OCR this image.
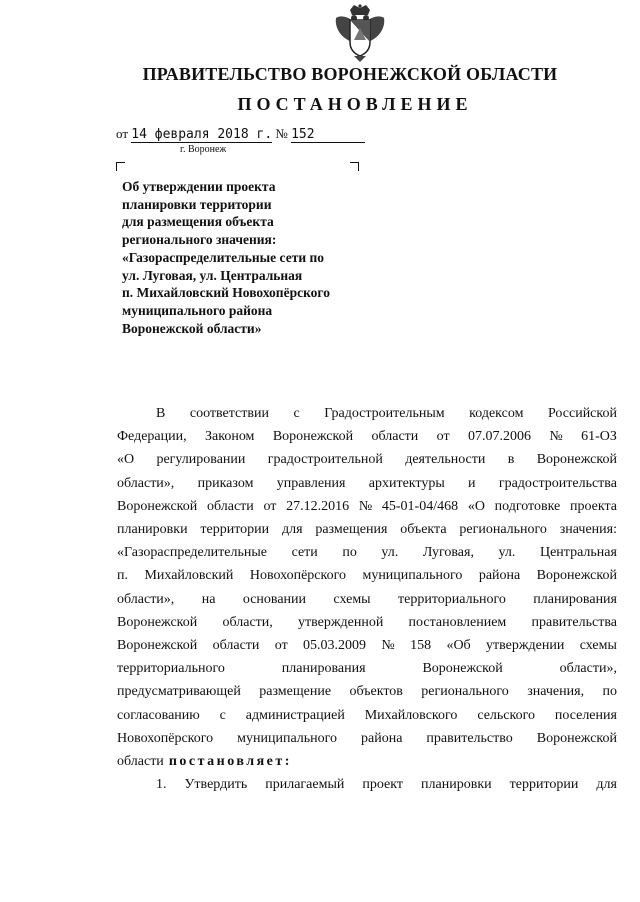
ПРАВИТЕЛЬСТВО ВОРОНЕЖСКОЙ ОБЛАСТИ
ПОСТАНОВЛЕНИЕ
от 14 февраля 2018 г. № 152
г. Воронеж
Об утверждении проекта
планировки территории
для размещения объекта
регионального значения:
«Газораспределительные сети по
ул. Луговая, ул. Центральная
п. Михайловский Новохопёрского
муниципального района
Воронежской области»
В соответствии с Градостроительным кодексом Российской
Федерации, Законом Воронежской области от 07.07.2006 № 61-ОЗ
«О регулировании градостроительной деятельности в Воронежской
области», приказом управления архитектуры и градостроительства
Воронежской области от 27.12.2016 № 45-01-04/468 «О подготовке проекта
планировки территории для размещения объекта регионального значения:
«Газораспределительные сети по ул. Луговая, ул. Центральная
п. Михайловский Новохопёрского муниципального района Воронежской
области», на основании схемы территориального планирования
Воронежской области, утвержденной постановлением правительства
Воронежской области от 05.03.2009 № 158 «Об утверждении схемы
территориального	планирования	Воронежской	области»,
предусматривающей размещение объектов регионального значения, по
согласованию с администрацией Михайловского сельского поселения
Новохопёрского муниципального района правительство Воронежской
области постановляет:
1. Утвердить прилагаемый проект планировки территории для
